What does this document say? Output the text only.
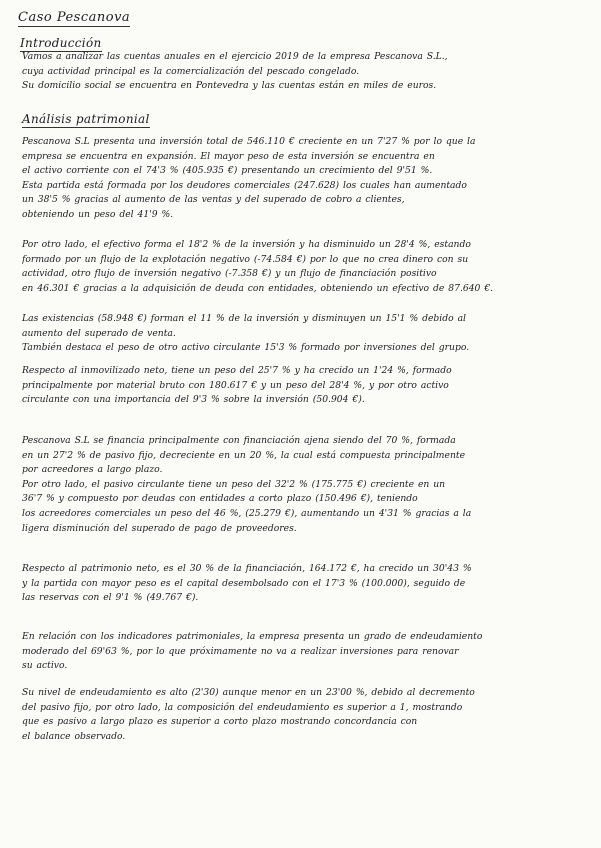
Caso Pescanova
Introducción
Vamos a analizar las cuentas anuales en el ejercicio 2019 de la empresa Pescanova S.L.,
cuya actividad principal es la comercialización del pescado congelado.
Su domicilio social se encuentra en Pontevedra y las cuentas están en miles de euros.
Análisis patrimonial
Pescanova S.L presenta una inversión total de 546.110 € creciente en un 7'27 % por lo que la
empresa se encuentra en expansión. El mayor peso de esta inversión se encuentra en
el activo corriente con el 74'3 % (405.935 €) presentando un crecimiento del 9'51 %.
Esta partida está formada por los deudores comerciales (247.628) los cuales han aumentado
un 38'5 % gracias al aumento de las ventas y del superado de cobro a clientes,
obteniendo un peso del 41'9 %.
Por otro lado, el efectivo forma el 18'2 % de la inversión y ha disminuido un 28'4 %, estando
formado por un flujo de la explotación negativo (-74.584 €) por lo que no crea dinero con su
actividad, otro flujo de inversión negativo (-7.358 €) y un flujo de financiación positivo
en 46.301 € gracias a la adquisición de deuda con entidades, obteniendo un efectivo de 87.640 €.
Las existencias (58.948 €) forman el 11 % de la inversión y disminuyen un 15'1 % debido al
aumento del superado de venta.
También destaca el peso de otro activo circulante 15'3 % formado por inversiones del grupo.
Respecto al inmovilizado neto, tiene un peso del 25'7 % y ha crecido un 1'24 %, formado
principalmente por material bruto con 180.617 € y un peso del 28'4 %, y por otro activo
circulante con una importancia del 9'3 % sobre la inversión (50.904 €).
Pescanova S.L se financia principalmente con financiación ajena siendo del 70 %, formada
en un 27'2 % de pasivo fijo, decreciente en un 20 %, la cual está compuesta principalmente
por acreedores a largo plazo.
Por otro lado, el pasivo circulante tiene un peso del 32'2 % (175.775 €) creciente en un
36'7 % y compuesto por deudas con entidades a corto plazo (150.496 €), teniendo
los acreedores comerciales un peso del 46 %, (25.279 €), aumentando un 4'31 % gracias a la
ligera disminución del superado de pago de proveedores.
Respecto al patrimonio neto, es el 30 % de la financiación, 164.172 €, ha crecido un 30'43 %
y la partida con mayor peso es el capital desembolsado con el 17'3 % (100.000), seguido de
las reservas con el 9'1 % (49.767 €).
En relación con los indicadores patrimoniales, la empresa presenta un grado de endeudamiento
moderado del 69'63 %, por lo que próximamente no va a realizar inversiones para renovar
su activo.
Su nivel de endeudamiento es alto (2'30) aunque menor en un 23'00 %, debido al decremento
del pasivo fijo, por otro lado, la composición del endeudamiento es superior a 1, mostrando
que es pasivo a largo plazo es superior a corto plazo mostrando concordancia con
el balance observado.
